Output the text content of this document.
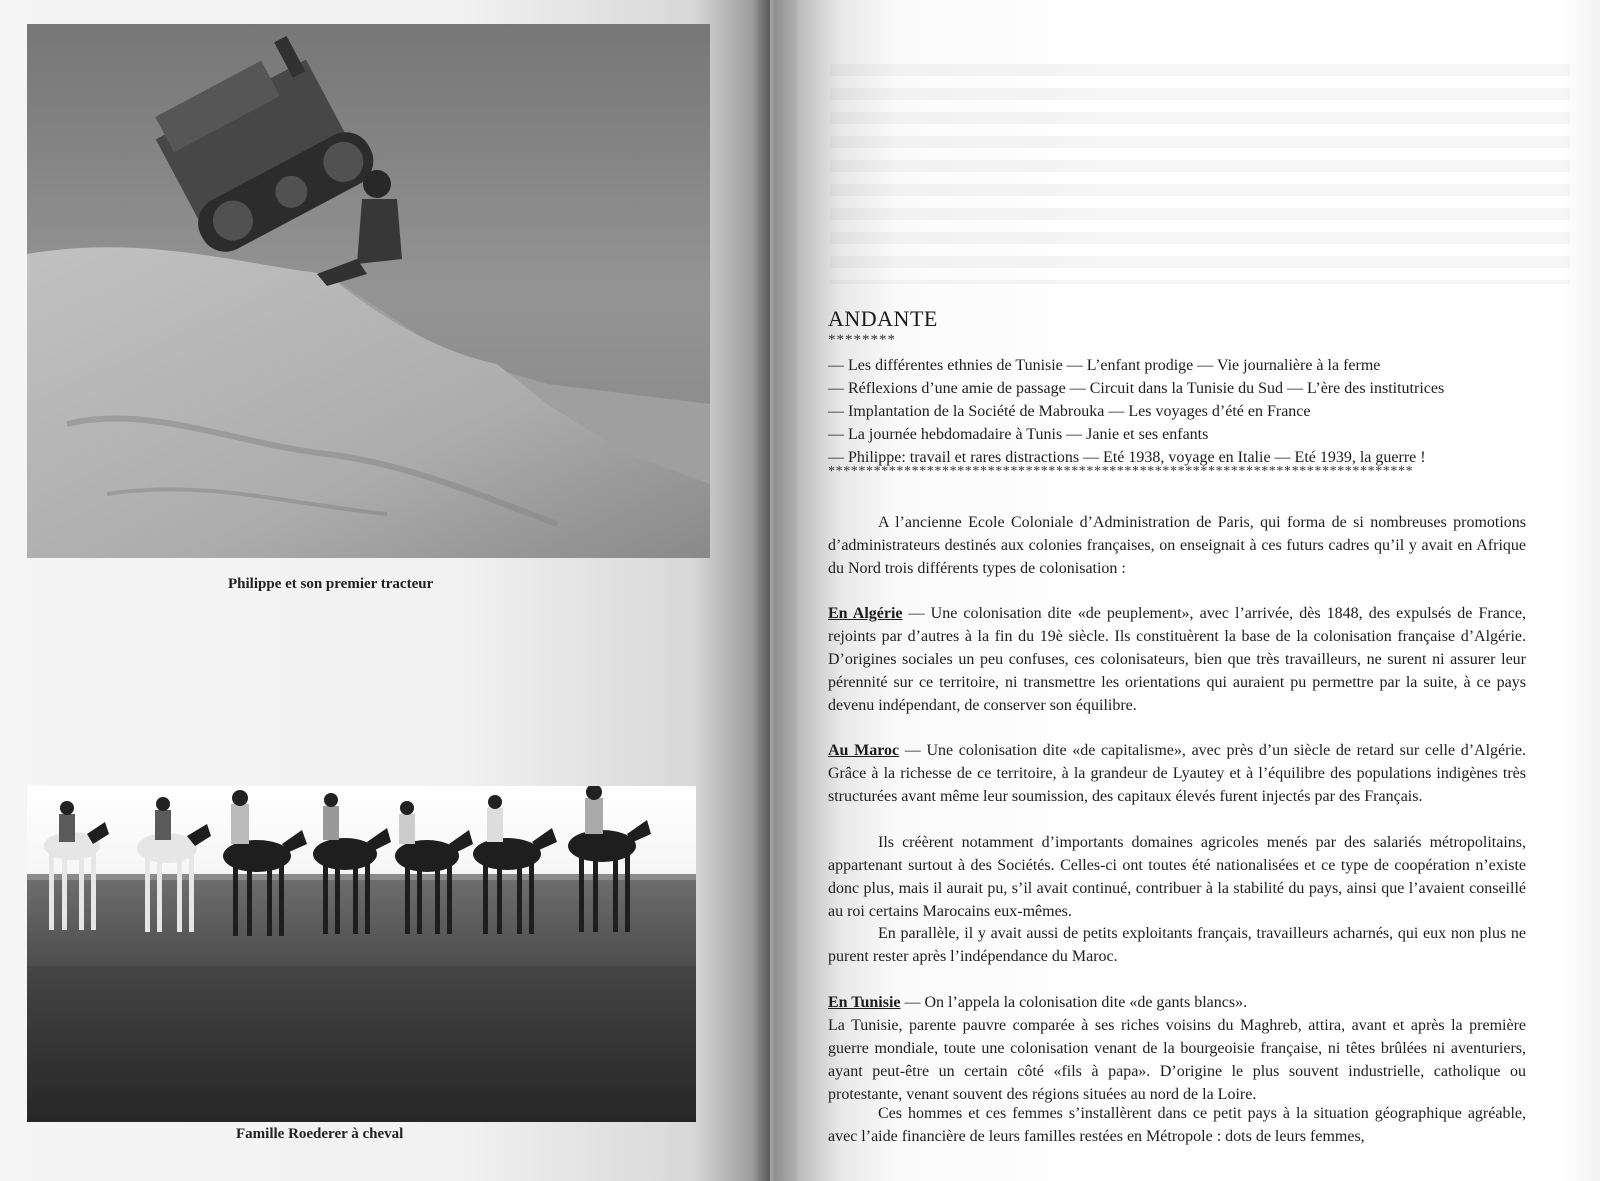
Philippe et son premier tracteur
Famille Roederer à cheval
ANDANTE
********
— Les différentes ethnies de Tunisie — L’enfant prodige — Vie journalière à la ferme
— Réflexions d’une amie de passage — Circuit dans la Tunisie du Sud — L’ère des institutrices
— Implantation de la Société de Mabrouka — Les voyages d’été en France
— La journée hebdomadaire à Tunis — Janie et ses enfants
— Philippe: travail et rares distractions — Eté 1938, voyage en Italie — Eté 1939, la guerre !
*****************************************************************************

A l’ancienne Ecole Coloniale d’Administration de Paris, qui forma de si nombreuses promotions d’administrateurs destinés aux colonies françaises, on enseignait à ces futurs cadres qu’il y avait en Afrique du Nord trois différents types de colonisation :

En Algérie — Une colonisation dite «de peuplement», avec l’arrivée, dès 1848, des expulsés de France, rejoints par d’autres à la fin du 19è siècle. Ils constituèrent la base de la colonisation française d’Algérie. D’origines sociales un peu confuses, ces colonisateurs, bien que très travailleurs, ne surent ni assurer leur pérennité sur ce territoire, ni transmettre les orientations qui auraient pu permettre par la suite, à ce pays devenu indépendant, de conserver son équilibre.

Au Maroc — Une colonisation dite «de capitalisme», avec près d’un siècle de retard sur celle d’Algérie. Grâce à la richesse de ce territoire, à la grandeur de Lyautey et à l’équilibre des populations indigènes très structurées avant même leur soumission, des capitaux élevés furent injectés par des Français.

Ils créèrent notamment d’importants domaines agricoles menés par des salariés métropolitains, appartenant surtout à des Sociétés. Celles-ci ont toutes été nationalisées et ce type de coopération n’existe donc plus, mais il aurait pu, s’il avait continué, contribuer à la stabilité du pays, ainsi que l’avaient conseillé au roi certains Marocains eux-mêmes.

En parallèle, il y avait aussi de petits exploitants français, travailleurs acharnés, qui eux non plus ne purent rester après l’indépendance du Maroc.

En Tunisie — On l’appela la colonisation dite «de gants blancs».

La Tunisie, parente pauvre comparée à ses riches voisins du Maghreb, attira, avant et après la première guerre mondiale, toute une colonisation venant de la bourgeoisie française, ni têtes brûlées ni aventuriers, ayant peut-être un certain côté «fils à papa». D’origine le plus souvent industrielle, catholique ou protestante, venant souvent des régions situées au nord de la Loire.

Ces hommes et ces femmes s’installèrent dans ce petit pays à la situation géographique agréable, avec l’aide financière de leurs familles restées en Métropole : dots de leurs femmes,
